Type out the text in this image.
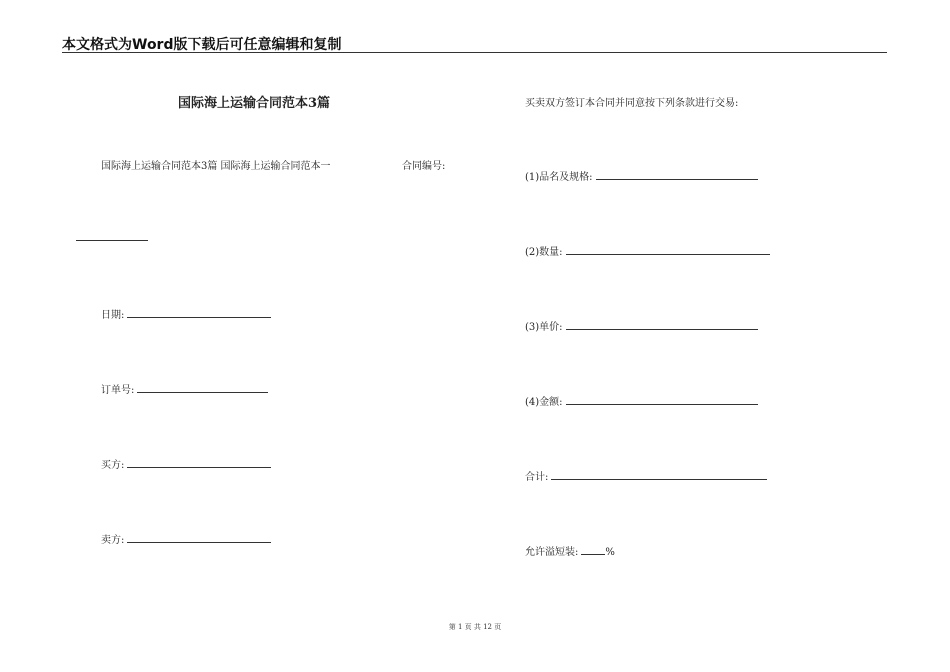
本文格式为Word版下载后可任意编辑和复制
国际海上运输合同范本3篇
国际海上运输合同范本3篇 国际海上运输合同范本一	合同编号:
日期:
订单号:
买方:
卖方:
买卖双方签订本合同并同意按下列条款进行交易:
(1)品名及规格:
(2)数量:
(3)单价:
(4)金额:
合计:
允许溢短装:	%
第 1 页 共 12 页
